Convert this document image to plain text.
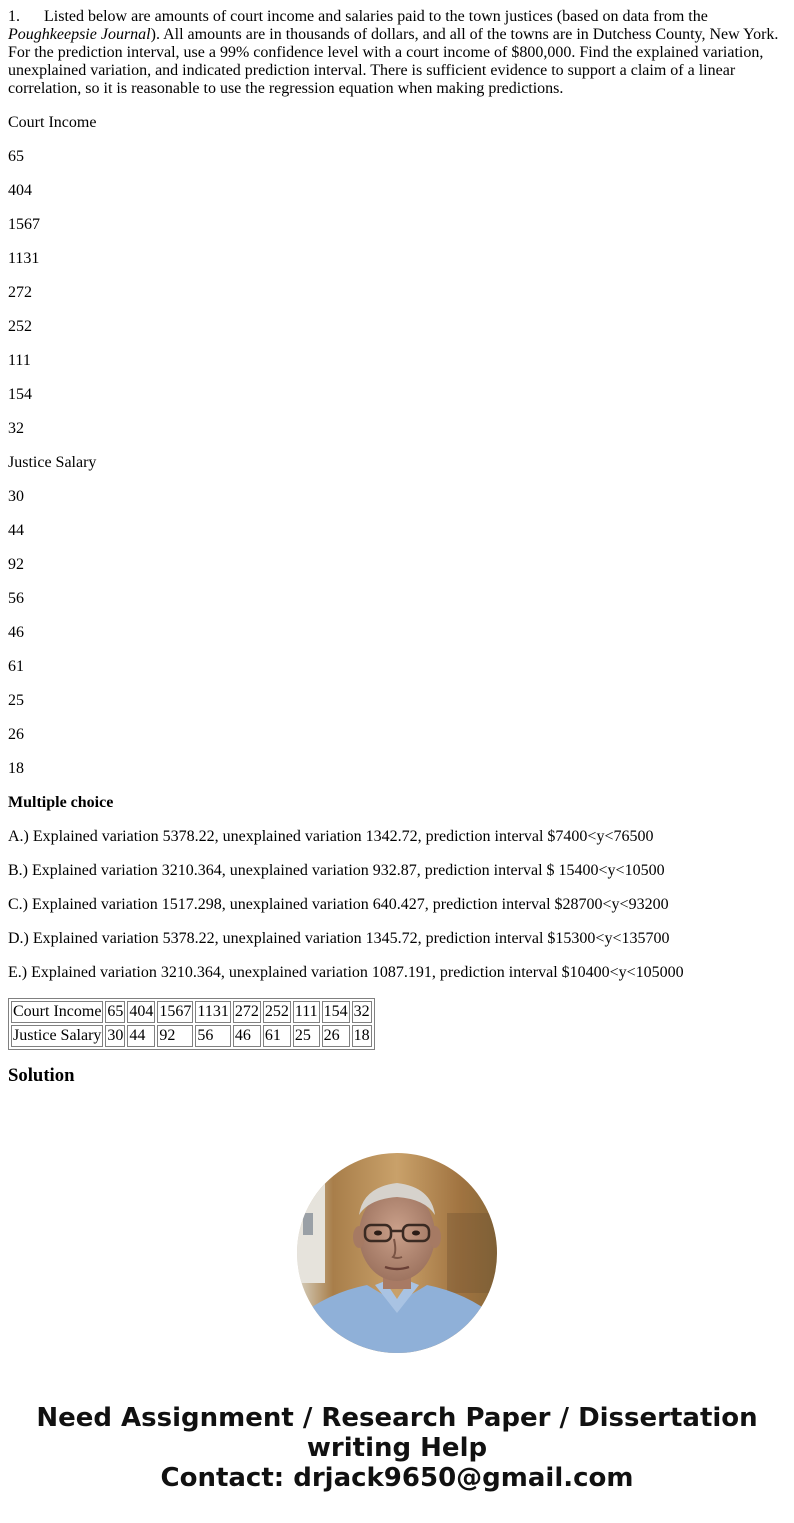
1. Listed below are amounts of court income and salaries paid to the town justices (based on data from the Poughkeepsie Journal). All amounts are in thousands of dollars, and all of the towns are in Dutchess County, New York. For the prediction interval, use a 99% confidence level with a court income of $800,000. Find the explained variation, unexplained variation, and indicated prediction interval. There is sufficient evidence to support a claim of a linear correlation, so it is reasonable to use the regression equation when making predictions.

Court Income

65

404

1567

1131

272

252

111

154

32

Justice Salary

30

44

92

56

46

61

25

26

18

Multiple choice

A.) Explained variation 5378.22, unexplained variation 1342.72, prediction interval $7400<y<76500

B.) Explained variation 3210.364, unexplained variation 932.87, prediction interval $ 15400<y<10500

C.) Explained variation 1517.298, unexplained variation 640.427, prediction interval $28700<y<93200

D.) Explained variation 5378.22, unexplained variation 1345.72, prediction interval $15300<y<135700

E.) Explained variation 3210.364, unexplained variation 1087.191, prediction interval $10400<y<105000

Court Income	65	404	1567	1131	272	252	111	154	32
Justice Salary	30	44	92	56	46	61	25	26	18
Solution
Need Assignment / Research Paper / Dissertation
writing Help
Contact: drjack9650@gmail.com
